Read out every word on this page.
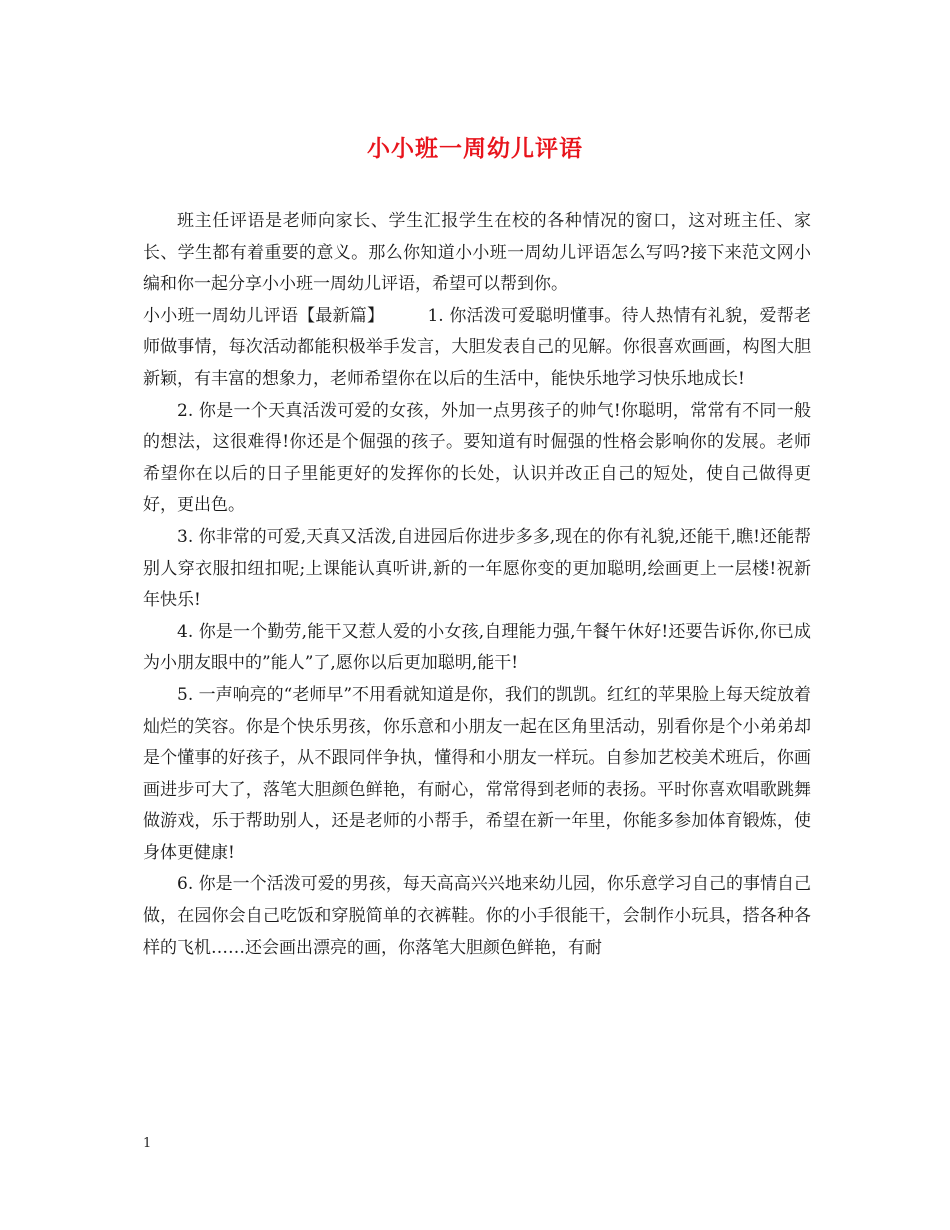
小小班一周幼儿评语

班主任评语是老师向家长、学生汇报学生在校的各种情况的窗口，这对班主任、家长、学生都有着重要的意义。那么你知道小小班一周幼儿评语怎么写吗?接下来范文网小编和你一起分享小小班一周幼儿评语，希望可以帮到你。

小小班一周幼儿评语【最新篇】　　　1. 你活泼可爱聪明懂事。待人热情有礼貌，爱帮老师做事情，每次活动都能积极举手发言，大胆发表自己的见解。你很喜欢画画，构图大胆新颖，有丰富的想象力，老师希望你在以后的生活中，能快乐地学习快乐地成长!

2. 你是一个天真活泼可爱的女孩，外加一点男孩子的帅气!你聪明，常常有不同一般的想法，这很难得!你还是个倔强的孩子。要知道有时倔强的性格会影响你的发展。老师希望你在以后的日子里能更好的发挥你的长处，认识并改正自己的短处，使自己做得更好，更出色。

3. 你非常的可爱,天真又活泼,自进园后你进步多多,现在的你有礼貌,还能干,瞧!还能帮别人穿衣服扣纽扣呢;上课能认真听讲,新的一年愿你变的更加聪明,绘画更上一层楼!祝新年快乐!

4. 你是一个勤劳,能干又惹人爱的小女孩,自理能力强,午餐午休好!还要告诉你,你已成为小朋友眼中的”能人”了,愿你以后更加聪明,能干!

5. 一声响亮的“老师早”不用看就知道是你，我们的凯凯。红红的苹果脸上每天绽放着灿烂的笑容。你是个快乐男孩，你乐意和小朋友一起在区角里活动，别看你是个小弟弟却是个懂事的好孩子，从不跟同伴争执，懂得和小朋友一样玩。自参加艺校美术班后，你画画进步可大了，落笔大胆颜色鲜艳，有耐心，常常得到老师的表扬。平时你喜欢唱歌跳舞做游戏，乐于帮助别人，还是老师的小帮手，希望在新一年里，你能多参加体育锻炼，使身体更健康!

6. 你是一个活泼可爱的男孩，每天高高兴兴地来幼儿园，你乐意学习自己的事情自己做，在园你会自己吃饭和穿脱简单的衣裤鞋。你的小手很能干，会制作小玩具，搭各种各样的飞机……还会画出漂亮的画，你落笔大胆颜色鲜艳，有耐

1
